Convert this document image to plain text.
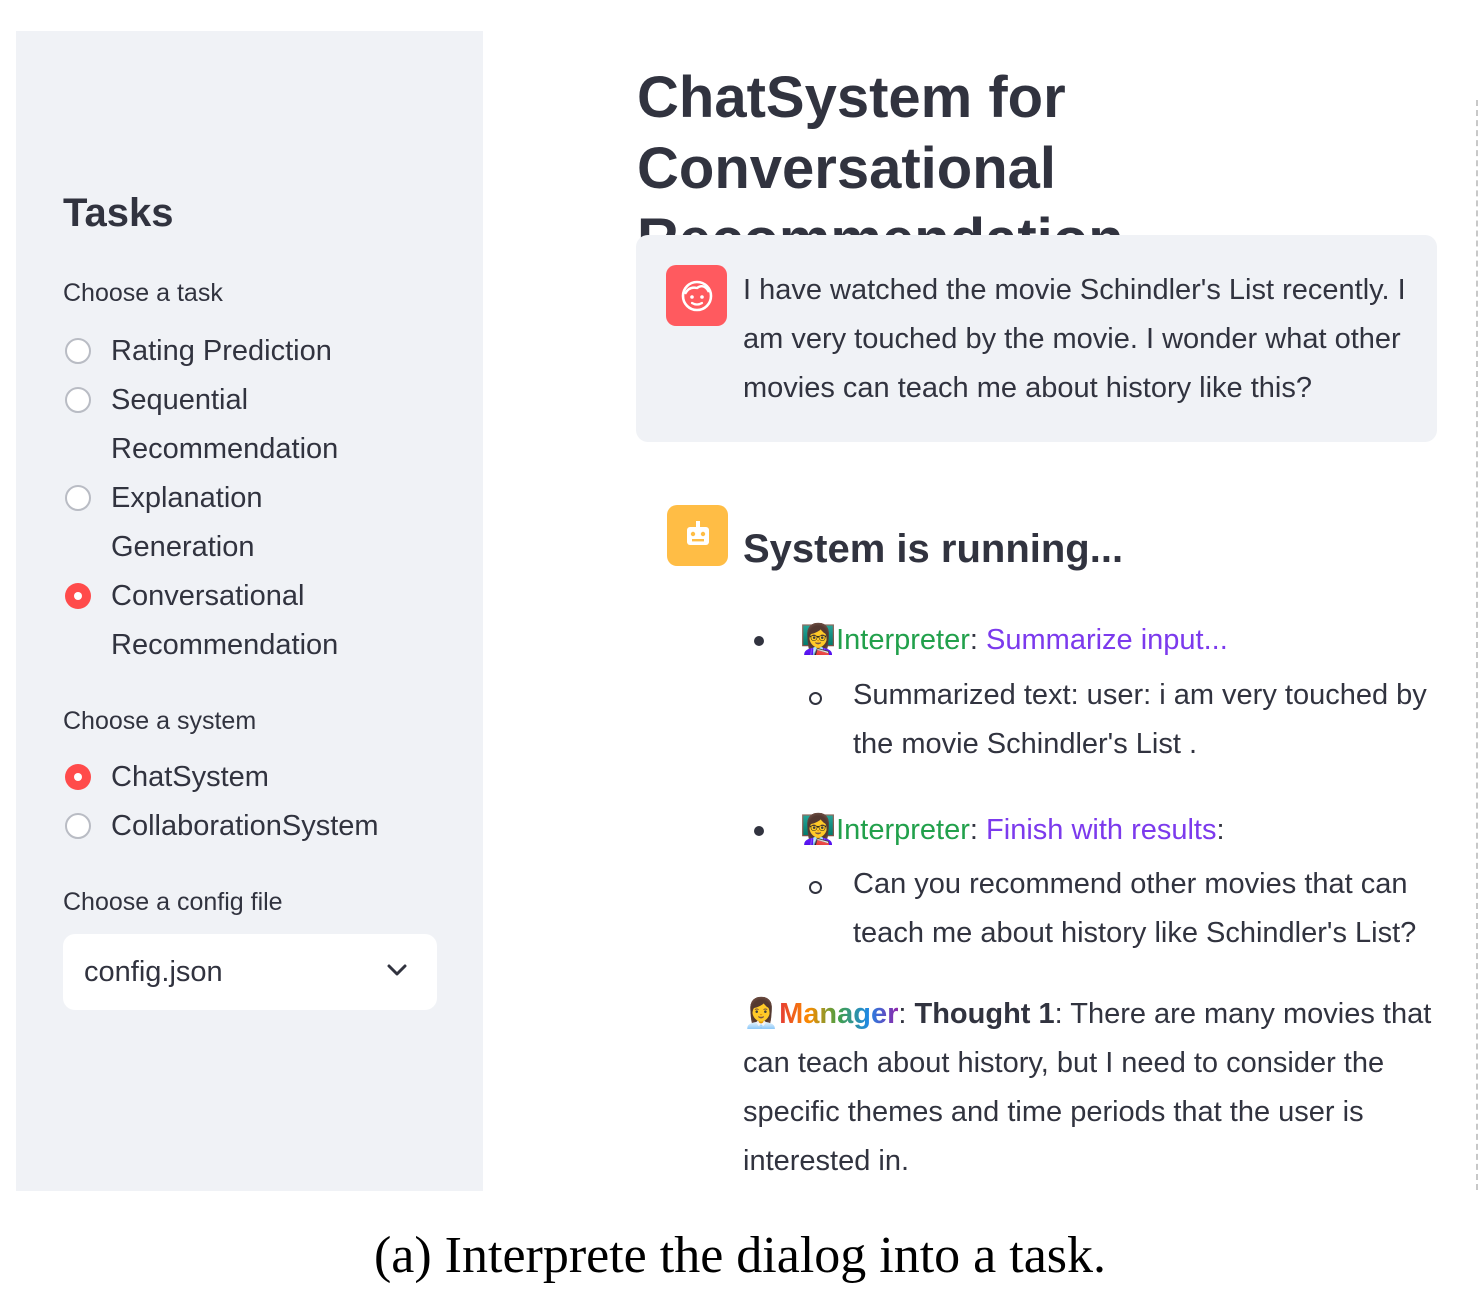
Tasks
Choose a task
Rating Prediction
Sequential Recommendation
Explanation Generation
Conversational Recommendation
Choose a system
ChatSystem
CollaborationSystem
Choose a config file
config.json
ChatSystem for Conversational
I have watched the movie Schindler's List recently. I am very touched by the movie. I wonder what other movies can teach me about history like this?
System is running...
👩‍🏫Interpreter: Summarize input...
Summarized text: user: i am very touched by the movie Schindler's List .
👩‍🏫Interpreter: Finish with results:
Can you recommend other movies that can teach me about history like Schindler's List?
👩‍💼Manager: Thought 1: There are many movies that can teach about history, but I need to consider the specific themes and time periods that the user is interested in.
(a) Interprete the dialog into a task.
